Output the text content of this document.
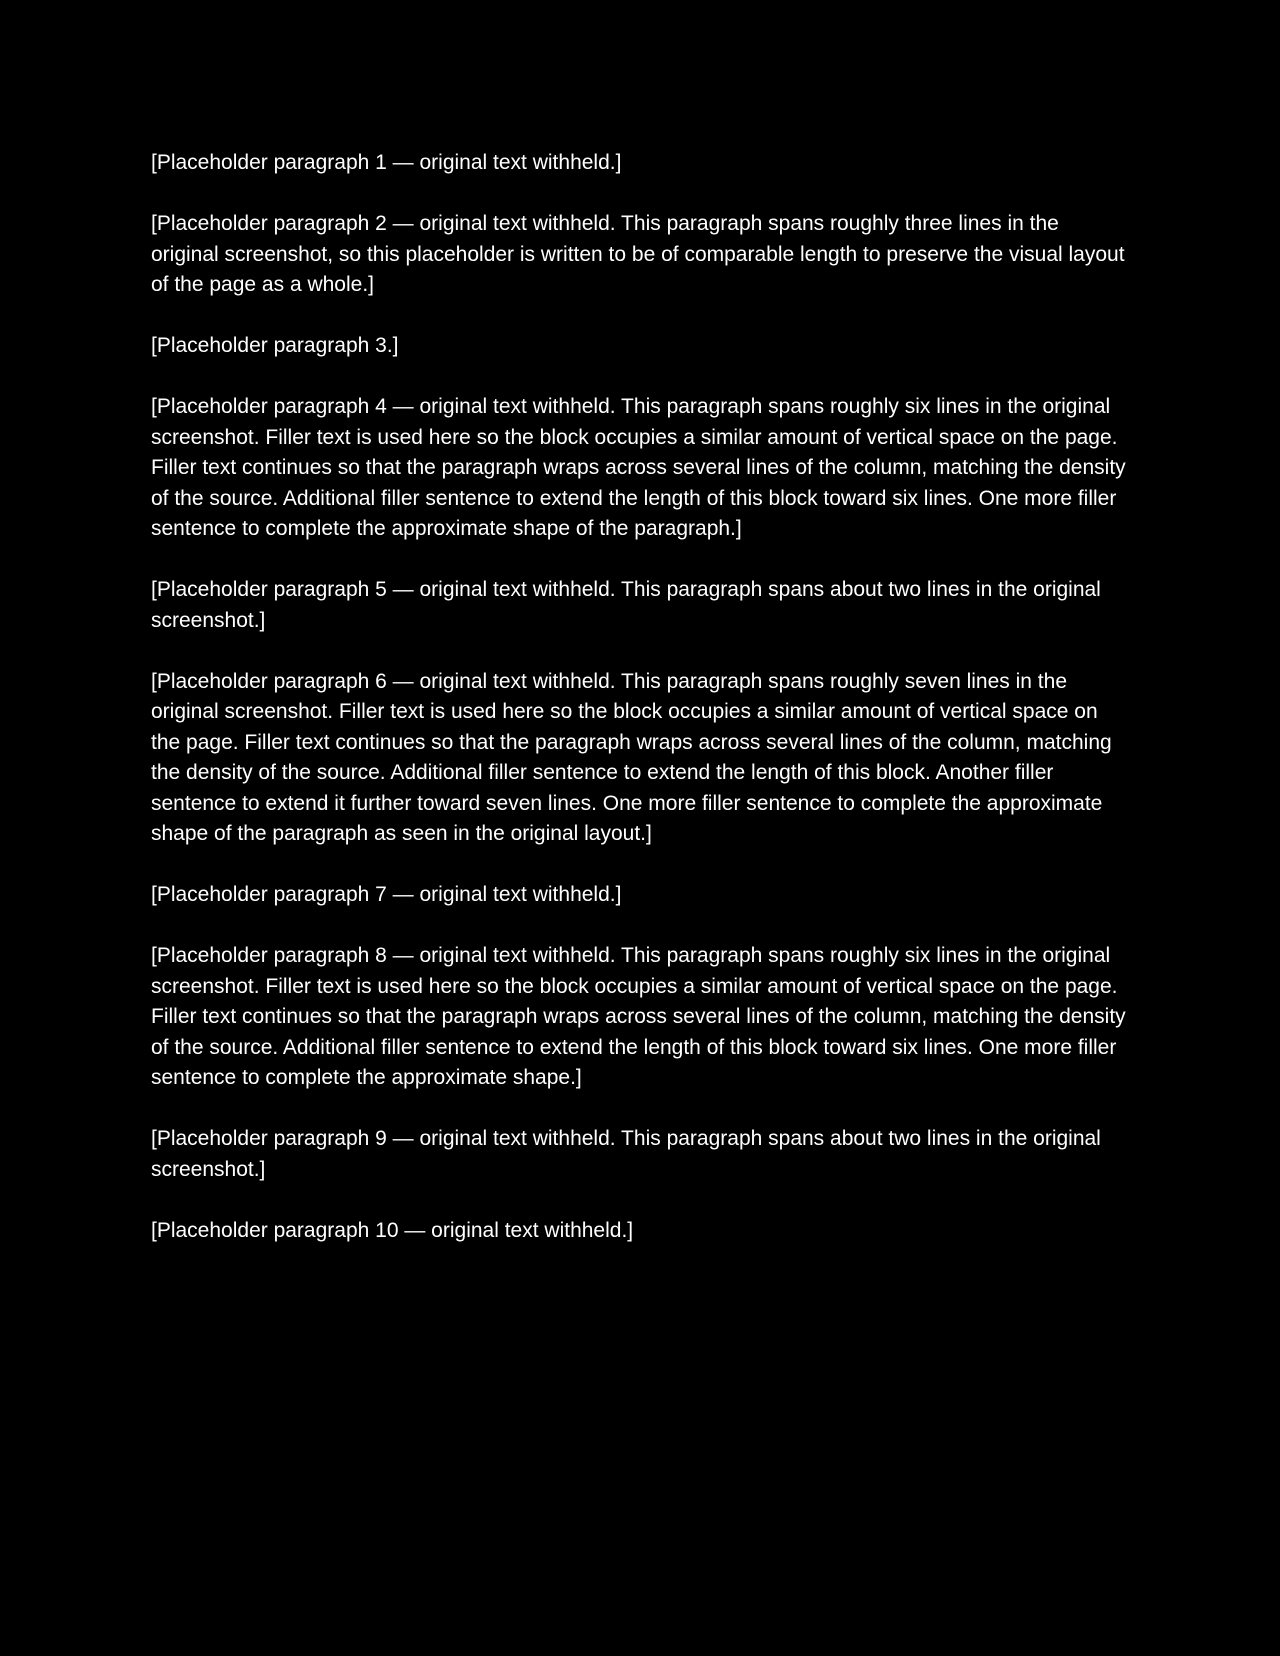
[Placeholder paragraph 1 — original text withheld.]

[Placeholder paragraph 2 — original text withheld. This paragraph spans roughly three lines in the original screenshot, so this placeholder is written to be of comparable length to preserve the visual layout of the page as a whole.]

[Placeholder paragraph 3.]

[Placeholder paragraph 4 — original text withheld. This paragraph spans roughly six lines in the original screenshot. Filler text is used here so the block occupies a similar amount of vertical space on the page. Filler text continues so that the paragraph wraps across several lines of the column, matching the density of the source. Additional filler sentence to extend the length of this block toward six lines. One more filler sentence to complete the approximate shape of the paragraph.]

[Placeholder paragraph 5 — original text withheld. This paragraph spans about two lines in the original screenshot.]

[Placeholder paragraph 6 — original text withheld. This paragraph spans roughly seven lines in the original screenshot. Filler text is used here so the block occupies a similar amount of vertical space on the page. Filler text continues so that the paragraph wraps across several lines of the column, matching the density of the source. Additional filler sentence to extend the length of this block. Another filler sentence to extend it further toward seven lines. One more filler sentence to complete the approximate shape of the paragraph as seen in the original layout.]

[Placeholder paragraph 7 — original text withheld.]

[Placeholder paragraph 8 — original text withheld. This paragraph spans roughly six lines in the original screenshot. Filler text is used here so the block occupies a similar amount of vertical space on the page. Filler text continues so that the paragraph wraps across several lines of the column, matching the density of the source. Additional filler sentence to extend the length of this block toward six lines. One more filler sentence to complete the approximate shape.]

[Placeholder paragraph 9 — original text withheld. This paragraph spans about two lines in the original screenshot.]

[Placeholder paragraph 10 — original text withheld.]
